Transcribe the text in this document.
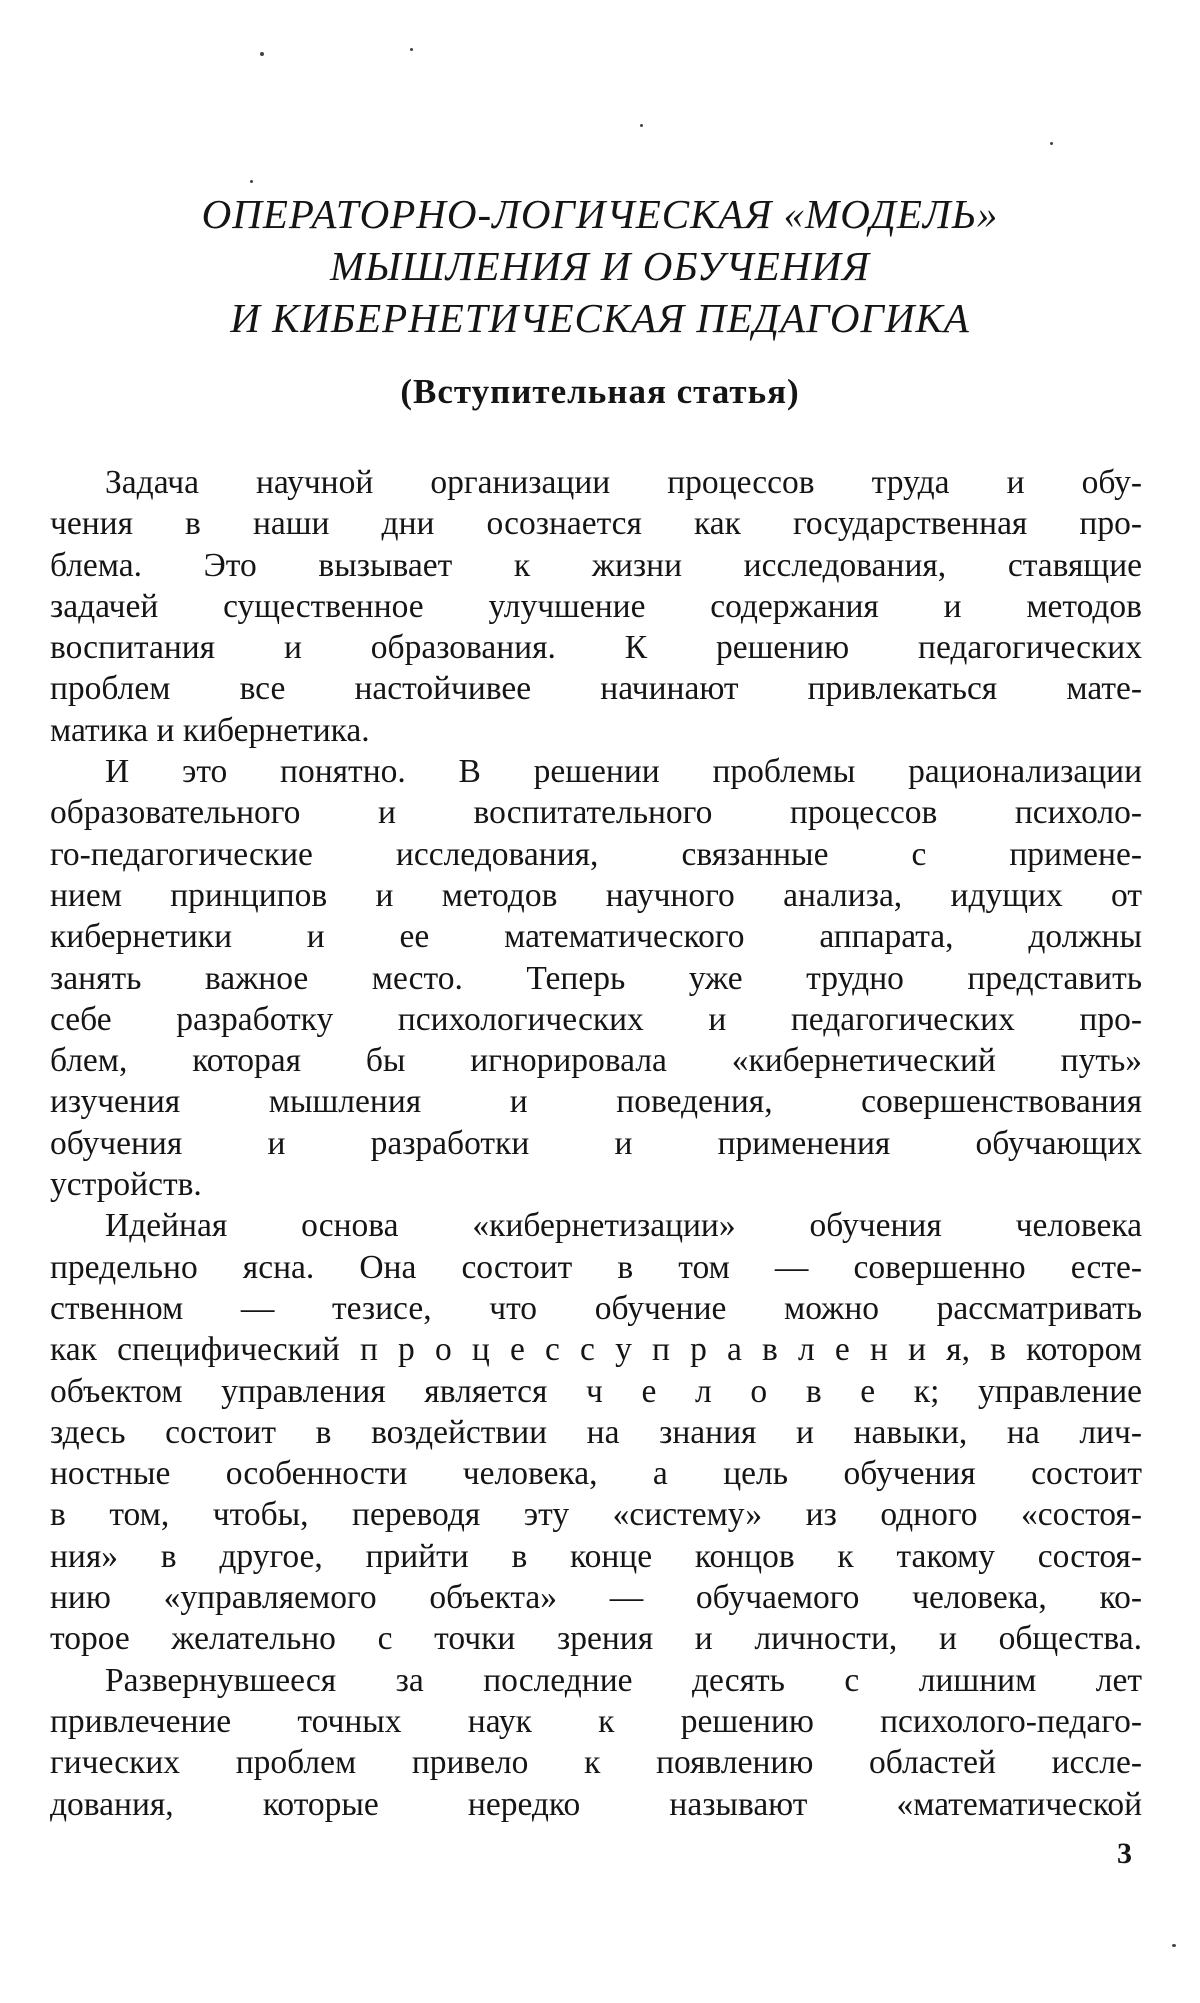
ОПЕРАТОРНО-ЛОГИЧЕСКАЯ «МОДЕЛЬ»
МЫШЛЕНИЯ И ОБУЧЕНИЯ
И КИБЕРНЕТИЧЕСКАЯ ПЕДАГОГИКА
(Вступительная статья)
Задача научной организации процессов труда и обу-
чения в наши дни осознается как государственная про-
блема. Это вызывает к жизни исследования, ставящие
задачей существенное улучшение содержания и методов
воспитания и образования. К решению педагогических
проблем все настойчивее начинают привлекаться мате-
матика и кибернетика.
И это понятно. В решении проблемы рационализации
образовательного и воспитательного процессов психоло-
го-педагогические исследования, связанные с примене-
нием принципов и методов научного анализа, идущих от
кибернетики и ее математического аппарата, должны
занять важное место. Теперь уже трудно представить
себе разработку психологических и педагогических про-
блем, которая бы игнорировала «кибернетический путь»
изучения мышления и поведения, совершенствования
обучения и разработки и применения обучающих
устройств.
Идейная основа «кибернетизации» обучения человека
предельно ясна. Она состоит в том — совершенно есте-
ственном — тезисе, что обучение можно рассматривать
как специфический п р о ц е с с у п р а в л е н и я, в котором
объектом управления является ч е л о в е к; управление
здесь состоит в воздействии на знания и навыки, на лич-
ностные особенности человека, а цель обучения состоит
в том, чтобы, переводя эту «систему» из одного «состоя-
ния» в другое, прийти в конце концов к такому состоя-
нию «управляемого объекта» — обучаемого человека, ко-
торое желательно с точки зрения и личности, и общества.
Развернувшееся за последние десять с лишним лет
привлечение точных наук к решению психолого-педаго-
гических проблем привело к появлению областей иссле-
дования, которые нередко называют «математической
3
